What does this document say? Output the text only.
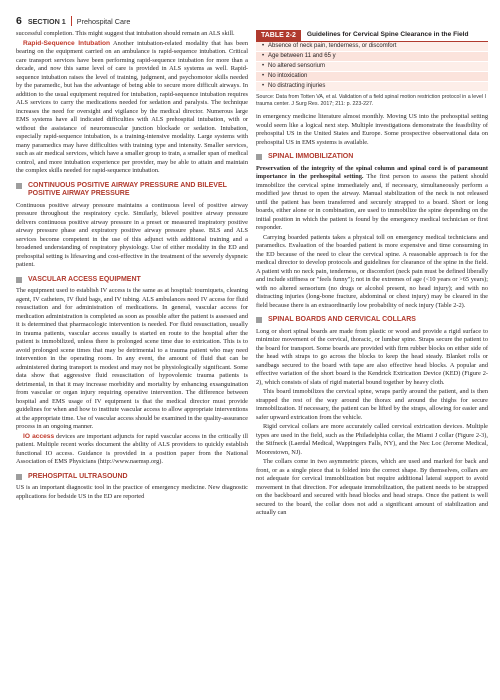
6 SECTION 1 Prehospital Care

successful completion. This might suggest that intubation should remain an ALS skill.

Rapid-Sequence Intubation Another intubation-related modality that has been bearing on the equipment carried on an ambulance is rapid-sequence intubation. Critical care transport services have been performing rapid-sequence intubation for more than a decade, and now this same level of care is provided in ALS systems as well. Rapid-sequence intubation raises the level of training, judgment, and psychomotor skills needed by the paramedic, but has the advantage of being able to secure more difficult airways. In addition to the usual equipment required for intubation, rapid-sequence intubation requires ALS services to carry the medications needed for sedation and paralysis. The technique increases the need for oversight and vigilance by the medical director. Numerous large EMS systems have all indicated difficulties with ALS prehospital intubation, with or without the assistance of neuromuscular junction blockade or sedation. Intubation, especially rapid-sequence intubation, is a training-intensive modality. Large systems with many paramedics may have difficulties with training type and intensity. Smaller services, such as air medical services, which have a smaller group to train, a smaller span of medical control, and more intubation experience per provider, may be able to attain and maintain the complex skills needed for rapid-sequence intubation.

CONTINUOUS POSITIVE AIRWAY PRESSURE AND BILEVEL POSITIVE AIRWAY PRESSURE

Continuous positive airway pressure maintains a continuous level of positive airway pressure throughout the respiratory cycle. Similarly, bilevel positive airway pressure delivers continuous positive airway pressure in a preset or measured inspiratory positive airway pressure phase and expiratory positive airway pressure phase. BLS and ALS services become competent in the use of this adjunct with additional training and a broadened understanding of respiratory physiology. Use of either modality in the ED and prehospital setting is lifesaving and cost-effective in the treatment of the severely dyspneic patient.

VASCULAR ACCESS EQUIPMENT

The equipment used to establish IV access is the same as at hospital: tourniquets, cleaning agent, IV catheters, IV fluid bags, and IV tubing. ALS ambulances need IV access for fluid resuscitation and for administration of medications. In general, vascular access for medication administration is completed as soon as possible after the patient is assessed and it is determined that pharmacologic intervention is needed. For fluid resuscitation, usually in trauma patients, vascular access usually is started en route to the hospital after the patient is immobilized, unless there is prolonged scene time due to extrication. This is to avoid prolonged scene times that may be detrimental to a trauma patient who may need intervention in the operating room. In any event, the amount of fluid that can be administered during transport is modest and may not be physiologically significant. Some data show that aggressive fluid resuscitation of hypovolemic trauma patients is detrimental, in that it may increase morbidity and mortality by enhancing exsanguination from vascular or organ injury requiring operative intervention. The difference between hospital and EMS usage of IV equipment is that the medical director must provide guidelines for when and how to institute vascular access to allow appropriate interventions at the appropriate time. Use of vascular access should be examined in the quality-assurance process in an ongoing manner.

IO access devices are important adjuncts for rapid vascular access in the critically ill patient. Multiple recent works document the ability of ALS providers to quickly establish functional IO access. Guidance is provided in a position paper from the National Association of EMS Physicians (http://www.naemsp.org).

PREHOSPITAL ULTRASOUND

US is an important diagnostic tool in the practice of emergency medicine. New diagnostic applications for bedside US in the ED are reported

TABLE 2-2	Guidelines for Cervical Spine Clearance in the Field
• Absence of neck pain, tenderness, or discomfort
• Age between 11 and 65 y
• No altered sensorium
• No intoxication
• No distracting injuries
Source: Data from Totten VA, et al. Validation of a field spinal motion restriction protocol in a level I trauma center. J Surg Res. 2017; 211: p. 223-227.

in emergency medicine literature almost monthly. Moving US into the prehospital setting would seem like a logical next step. Multiple investigations demonstrate the feasibility of prehospital US in the United States and Europe. Some prospective observational data on prehospital US in EMS systems is available.

SPINAL IMMOBILIZATION

Preservation of the integrity of the spinal column and spinal cord is of paramount importance in the prehospital setting. The first person to assess the patient should immobilize the cervical spine immediately and, if necessary, simultaneously perform a modified jaw thrust to open the airway. Manual stabilization of the neck is not released until the patient has been transferred and securely strapped to a board. Short or long boards, either alone or in combination, are used to immobilize the spine depending on the initial position in which the patient is found by the emergency medical technician or first responder.

Carrying boarded patients takes a physical toll on emergency medical technicians and paramedics. Evaluation of the boarded patient is more expensive and time consuming in the ED because of the need to clear the cervical spine. A reasonable approach is for the medical director to develop protocols and guidelines for clearance of the spine in the field. A patient with no neck pain, tenderness, or discomfort (neck pain must be defined liberally and include stiffness or "feels funny"); not in the extremes of age (<10 years or >65 years); with no altered sensorium (no drugs or alcohol present, no head injury); and with no distracting injuries (long-bone fracture, abdominal or chest injury) may be cleared in the field because there is an extraordinarily low probability of neck injury (Table 2-2).

SPINAL BOARDS AND CERVICAL COLLARS

Long or short spinal boards are made from plastic or wood and provide a rigid surface to minimize movement of the cervical, thoracic, or lumbar spine. Straps secure the patient to the board for transport. Some boards are provided with firm rubber blocks on either side of the head with straps to go across the blocks to keep the head steady. Blanket rolls or sandbags secured to the board with tape are also effective head blocks. A popular and effective variation of the short board is the Kendrick Extrication Device (KED) (Figure 2-2), which consists of slats of rigid material bound together by heavy cloth.

This board immobilizes the cervical spine, wraps partly around the patient, and is then strapped the rest of the way around the thorax and around the thighs for secure immobilization. If necessary, the patient can be lifted by the straps, allowing for easier and safer upward extrication from the vehicle.

Rigid cervical collars are more accurately called cervical extrication devices. Multiple types are used in the field, such as the Philadelphia collar, the Miami J collar (Figure 2-3), the Stifneck (Laerdal Medical, Wappingers Falls, NY), and the Nec Loc (Jerome Medical, Moorestown, NJ).

The collars come in two asymmetric pieces, which are used and marked for back and front, or as a single piece that is folded into the correct shape. By themselves, collars are not adequate for cervical immobilization but require additional lateral support to avoid movement in that direction. For adequate immobilization, the patient needs to be strapped on the backboard and secured with head blocks and head straps. Once the patient is well secured to the board, the collar does not add a significant amount of stabilization and actually can
